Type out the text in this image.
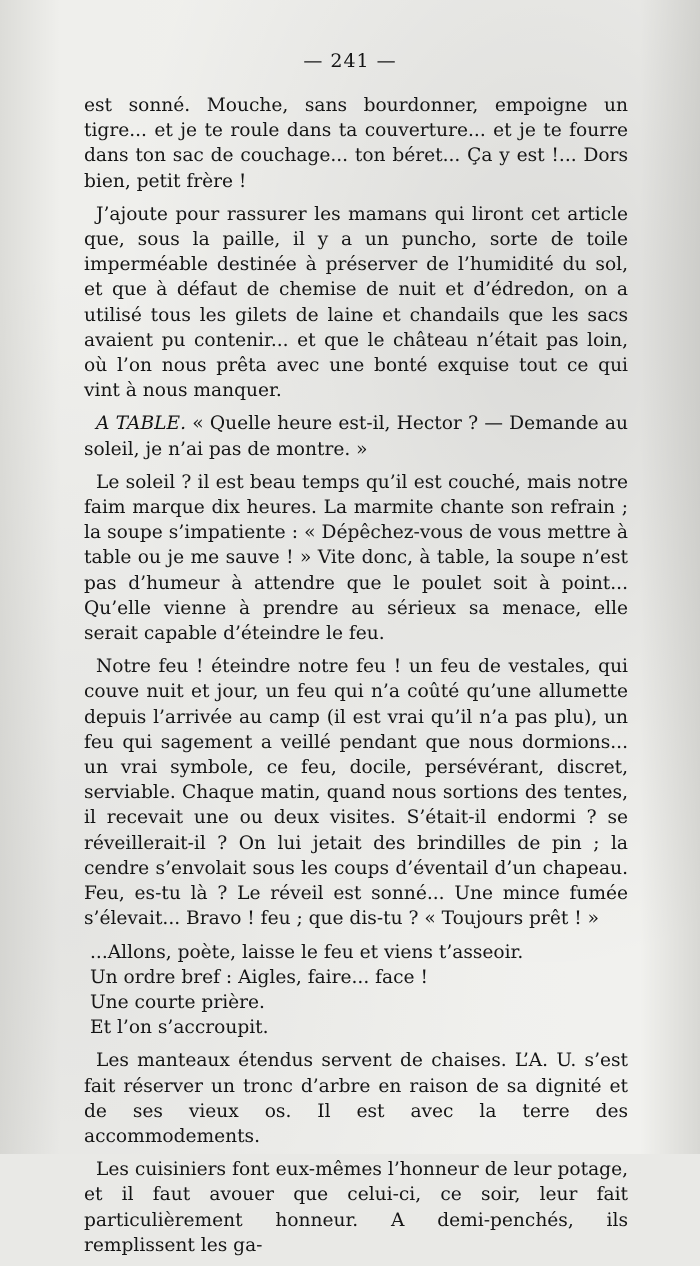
— 241 —

est sonné. Mouche, sans bourdonner, empoigne un tigre... et je te roule dans ta couverture... et je te fourre dans ton sac de couchage... ton béret... Ça y est !... Dors bien, petit frère !

J’ajoute pour rassurer les mamans qui liront cet article que, sous la paille, il y a un puncho, sorte de toile imperméable destinée à préserver de l’humidité du sol, et que à défaut de chemise de nuit et d’édredon, on a utilisé tous les gilets de laine et chandails que les sacs avaient pu contenir... et que le château n’était pas loin, où l’on nous prêta avec une bonté exquise tout ce qui vint à nous manquer.

A TABLE. « Quelle heure est-il, Hector ? — Demande au soleil, je n’ai pas de montre. »

Le soleil ? il est beau temps qu’il est couché, mais notre faim marque dix heures. La marmite chante son refrain ; la soupe s’impatiente : « Dépêchez-vous de vous mettre à table ou je me sauve ! » Vite donc, à table, la soupe n’est pas d’humeur à attendre que le poulet soit à point... Qu’elle vienne à prendre au sérieux sa menace, elle serait capable d’éteindre le feu.

Notre feu ! éteindre notre feu ! un feu de vestales, qui couve nuit et jour, un feu qui n’a coûté qu’une allumette depuis l’arrivée au camp (il est vrai qu’il n’a pas plu), un feu qui sagement a veillé pendant que nous dormions... un vrai symbole, ce feu, docile, persévérant, discret, serviable. Chaque matin, quand nous sortions des tentes, il recevait une ou deux visites. S’était-il endormi ? se réveillerait-il ? On lui jetait des brindilles de pin ; la cendre s’envolait sous les coups d’éventail d’un chapeau. Feu, es-tu là ? Le réveil est sonné... Une mince fumée s’élevait... Bravo ! feu ; que dis-tu ? « Toujours prêt ! »

...Allons, poète, laisse le feu et viens t’asseoir.
Un ordre bref : Aigles, faire... face !
Une courte prière.
Et l’on s’accroupit.

Les manteaux étendus servent de chaises. L’A. U. s’est fait réserver un tronc d’arbre en raison de sa dignité et de ses vieux os. Il est avec la terre des accommodements.

Les cuisiniers font eux-mêmes l’honneur de leur potage, et il faut avouer que celui-ci, ce soir, leur fait particulièrement honneur. A demi-penchés, ils remplissent les ga-
